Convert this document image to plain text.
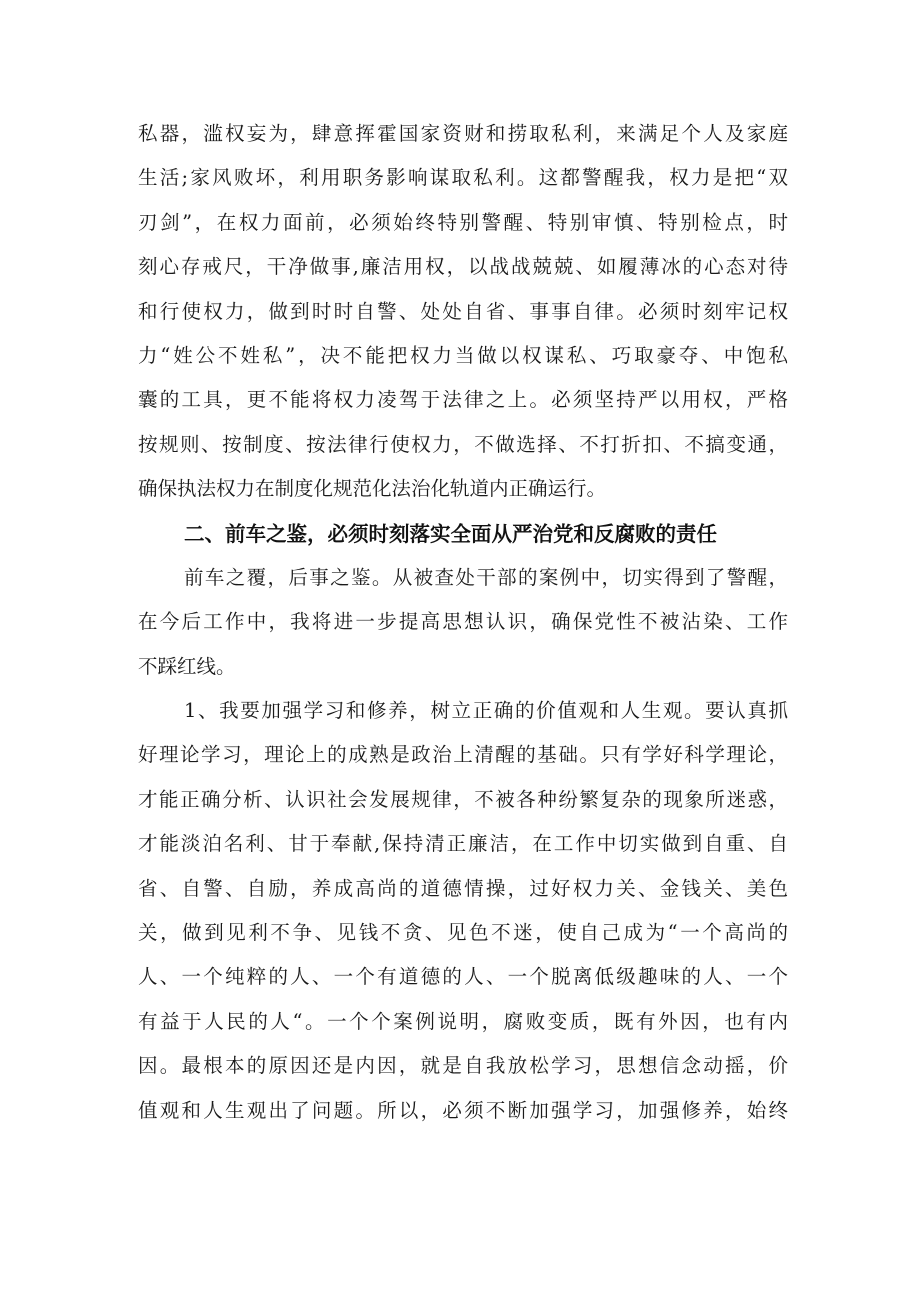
私器，滥权妄为，肆意挥霍国家资财和捞取私利，来满足个人及家庭
生活;家风败坏，利用职务影响谋取私利。这都警醒我，权力是把“双
刃剑”，在权力面前，必须始终特别警醒、特别审慎、特别检点，时
刻心存戒尺，干净做事,廉洁用权，以战战兢兢、如履薄冰的心态对待
和行使权力，做到时时自警、处处自省、事事自律。必须时刻牢记权
力“姓公不姓私”，决不能把权力当做以权谋私、巧取豪夺、中饱私
囊的工具，更不能将权力凌驾于法律之上。必须坚持严以用权，严格
按规则、按制度、按法律行使权力，不做选择、不打折扣、不搞变通，
确保执法权力在制度化规范化法治化轨道内正确运行。
二、前车之鉴，必须时刻落实全面从严治党和反腐败的责任
前车之覆，后事之鉴。从被查处干部的案例中，切实得到了警醒，
在今后工作中，我将进一步提高思想认识，确保党性不被沾染、工作
不踩红线。
1、我要加强学习和修养，树立正确的价值观和人生观。要认真抓
好理论学习，理论上的成熟是政治上清醒的基础。只有学好科学理论，
才能正确分析、认识社会发展规律，不被各种纷繁复杂的现象所迷惑，
才能淡泊名利、甘于奉献,保持清正廉洁，在工作中切实做到自重、自
省、自警、自励，养成高尚的道德情操，过好权力关、金钱关、美色
关，做到见利不争、见钱不贪、见色不迷，使自己成为“一个高尚的
人、一个纯粹的人、一个有道德的人、一个脱离低级趣味的人、一个
有益于人民的人“。一个个案例说明，腐败变质，既有外因，也有内
因。最根本的原因还是内因，就是自我放松学习，思想信念动摇，价
值观和人生观出了问题。所以，必须不断加强学习，加强修养，始终
